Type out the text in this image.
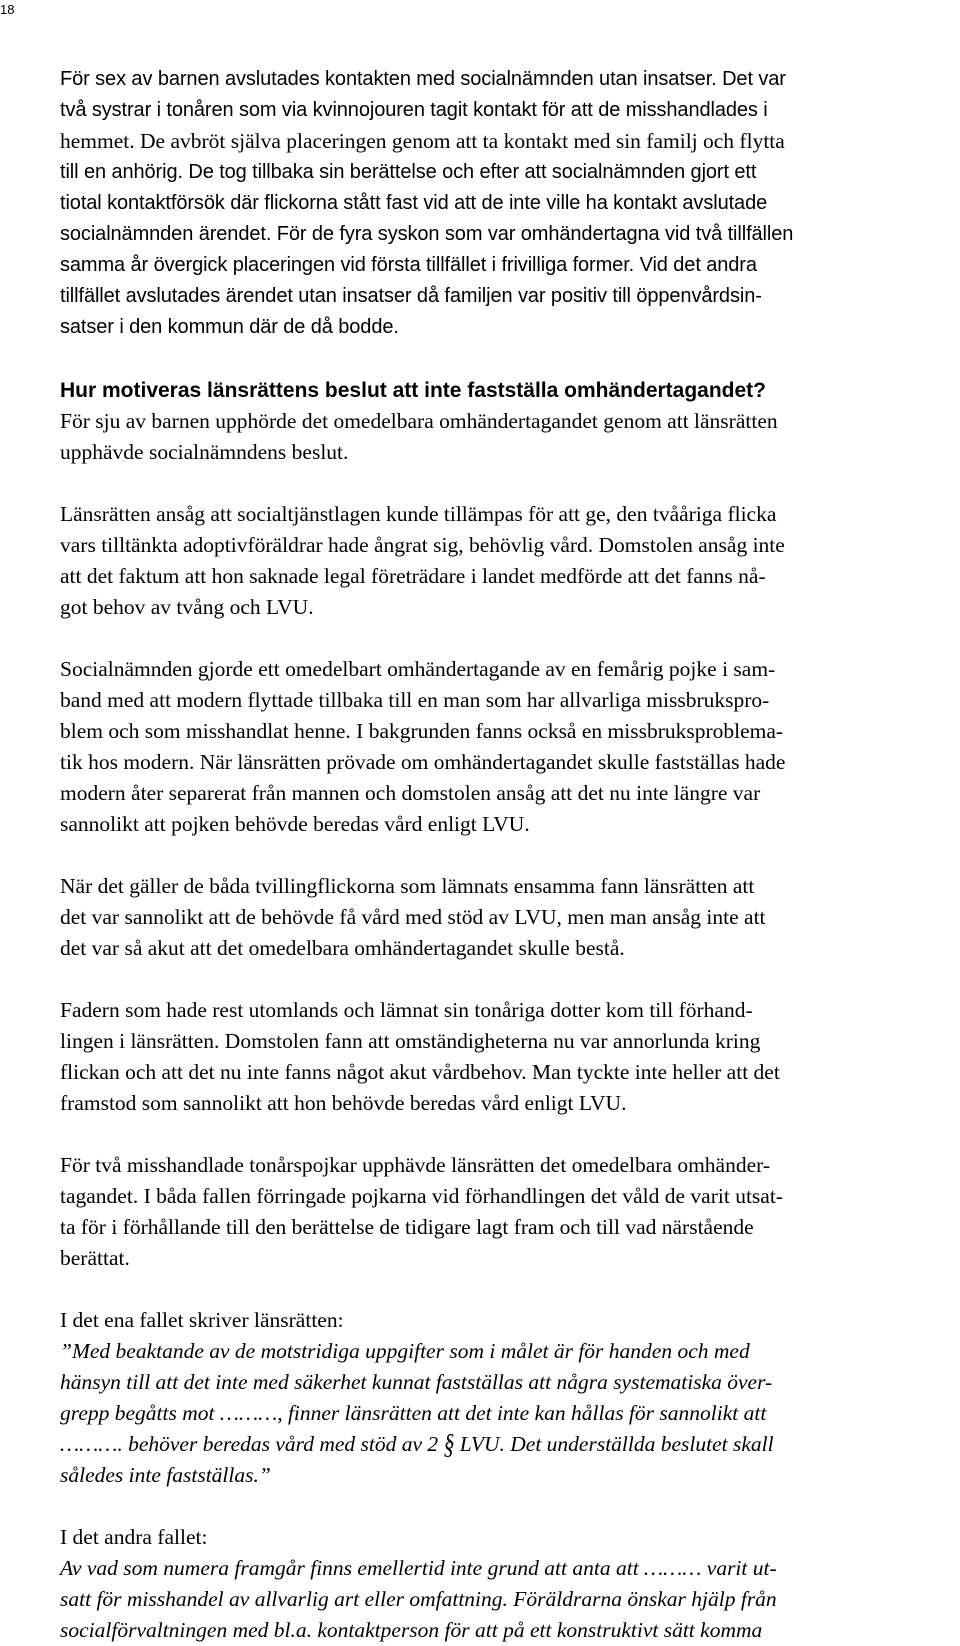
18

För sex av barnen avslutades kontakten med socialnämnden utan insatser. Det var
två systrar i tonåren som via kvinnojouren tagit kontakt för att de misshandlades i
hemmet. De avbröt själva placeringen genom att ta kontakt med sin familj och flytta
till en anhörig. De tog tillbaka sin berättelse och efter att socialnämnden gjort ett
tiotal kontaktförsök där flickorna stått fast vid att de inte ville ha kontakt avslutade
socialnämnden ärendet. För de fyra syskon som var omhändertagna vid två tillfällen
samma år övergick placeringen vid första tillfället i frivilliga former. Vid det andra
tillfället avslutades ärendet utan insatser då familjen var positiv till öppenvårdsin-
satser i den kommun där de då bodde.

Hur motiveras länsrättens beslut att inte fastställa omhändertagandet?

För sju av barnen upphörde det omedelbara omhändertagandet genom att länsrätten
upphävde socialnämndens beslut.

Länsrätten ansåg att socialtjänstlagen kunde tillämpas för att ge, den tvååriga flicka
vars tilltänkta adoptivföräldrar hade ångrat sig, behövlig vård. Domstolen ansåg inte
att det faktum att hon saknade legal företrädare i landet medförde att det fanns nå-
got behov av tvång och LVU.

Socialnämnden gjorde ett omedelbart omhändertagande av en femårig pojke i sam-
band med att modern flyttade tillbaka till en man som har allvarliga missbrukspro-
blem och som misshandlat henne. I bakgrunden fanns också en missbruksproblema-
tik hos modern. När länsrätten prövade om omhändertagandet skulle fastställas hade
modern åter separerat från mannen och domstolen ansåg att det nu inte längre var
sannolikt att pojken behövde beredas vård enligt LVU.

När det gäller de båda tvillingflickorna som lämnats ensamma fann länsrätten att
det var sannolikt att de behövde få vård med stöd av LVU, men man ansåg inte att
det var så akut att det omedelbara omhändertagandet skulle bestå.

Fadern som hade rest utomlands och lämnat sin tonåriga dotter kom till förhand-
lingen i länsrätten. Domstolen fann att omständigheterna nu var annorlunda kring
flickan och att det nu inte fanns något akut vårdbehov. Man tyckte inte heller att det
framstod som sannolikt att hon behövde beredas vård enligt LVU.

För två misshandlade tonårspojkar upphävde länsrätten det omedelbara omhänder-
tagandet. I båda fallen förringade pojkarna vid förhandlingen det våld de varit utsat-
ta för i förhållande till den berättelse de tidigare lagt fram och till vad närstående
berättat.

I det ena fallet skriver länsrätten:

”Med beaktande av de motstridiga uppgifter som i målet är för handen och med
hänsyn till att det inte med säkerhet kunnat fastställas att några systematiska över-
grepp begåtts mot ………, finner länsrätten att det inte kan hållas för sannolikt att
………. behöver beredas vård med stöd av 2 § LVU. Det underställda beslutet skall
således inte fastställas.”

I det andra fallet:

Av vad som numera framgår finns emellertid inte grund att anta att ……… varit ut-
satt för misshandel av allvarlig art eller omfattning. Föräldrarna önskar hjälp från
socialförvaltningen med bl.a. kontaktperson för att på ett konstruktivt sätt komma
